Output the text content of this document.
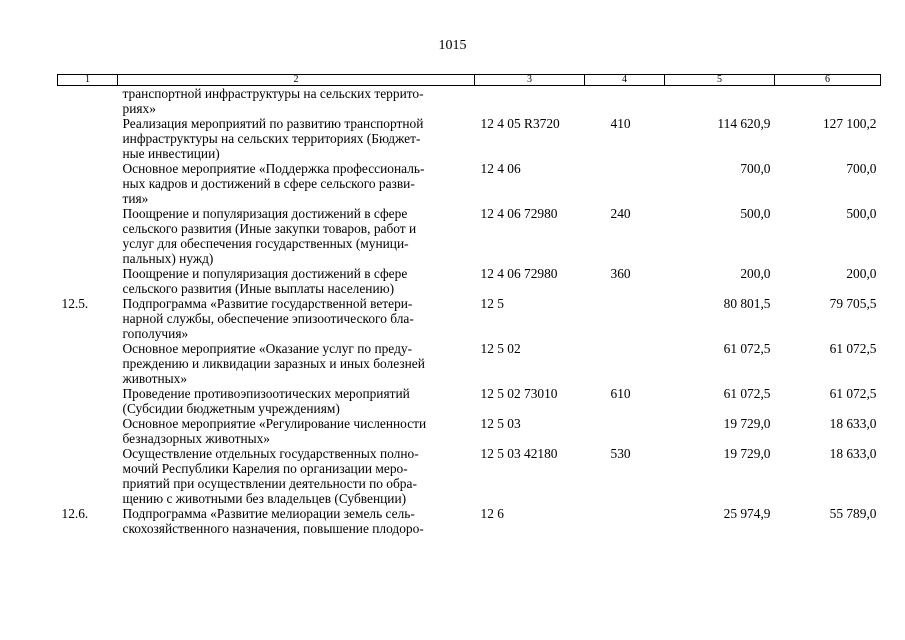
1015
1	2	3	4	5	6
	транспортной инфраструктуры на сельских террито-
риях»				
	Реализация мероприятий по развитию транспортной
инфраструктуры на сельских территориях (Бюджет-
ные инвестиции)	12 4 05 R3720	410	114 620,9	127 100,2
	Основное мероприятие «Поддержка профессиональ-
ных кадров и достижений в сфере сельского разви-
тия»	12 4 06		700,0	700,0
	Поощрение и популяризация достижений в сфере
сельского развития (Иные закупки товаров, работ и
услуг для обеспечения государственных (муници-
пальных) нужд)	12 4 06 72980	240	500,0	500,0
	Поощрение и популяризация достижений в сфере
сельского развития (Иные выплаты населению)	12 4 06 72980	360	200,0	200,0
12.5.	Подпрограмма «Развитие государственной ветери-
нарной службы, обеспечение эпизоотического бла-
гополучия»	12 5		80 801,5	79 705,5
	Основное мероприятие «Оказание услуг по преду-
преждению и ликвидации заразных и иных болезней
животных»	12 5 02		61 072,5	61 072,5
	Проведение противоэпизоотических мероприятий
(Субсидии бюджетным учреждениям)	12 5 02 73010	610	61 072,5	61 072,5
	Основное мероприятие «Регулирование численности
безнадзорных животных»	12 5 03		19 729,0	18 633,0
	Осуществление отдельных государственных полно-
мочий Республики Карелия по организации меро-
приятий при осуществлении деятельности по обра-
щению с животными без владельцев (Субвенции)	12 5 03 42180	530	19 729,0	18 633,0
12.6.	Подпрограмма «Развитие мелиорации земель сель-
скохозяйственного назначения, повышение плодоро-	12 6		25 974,9	55 789,0
